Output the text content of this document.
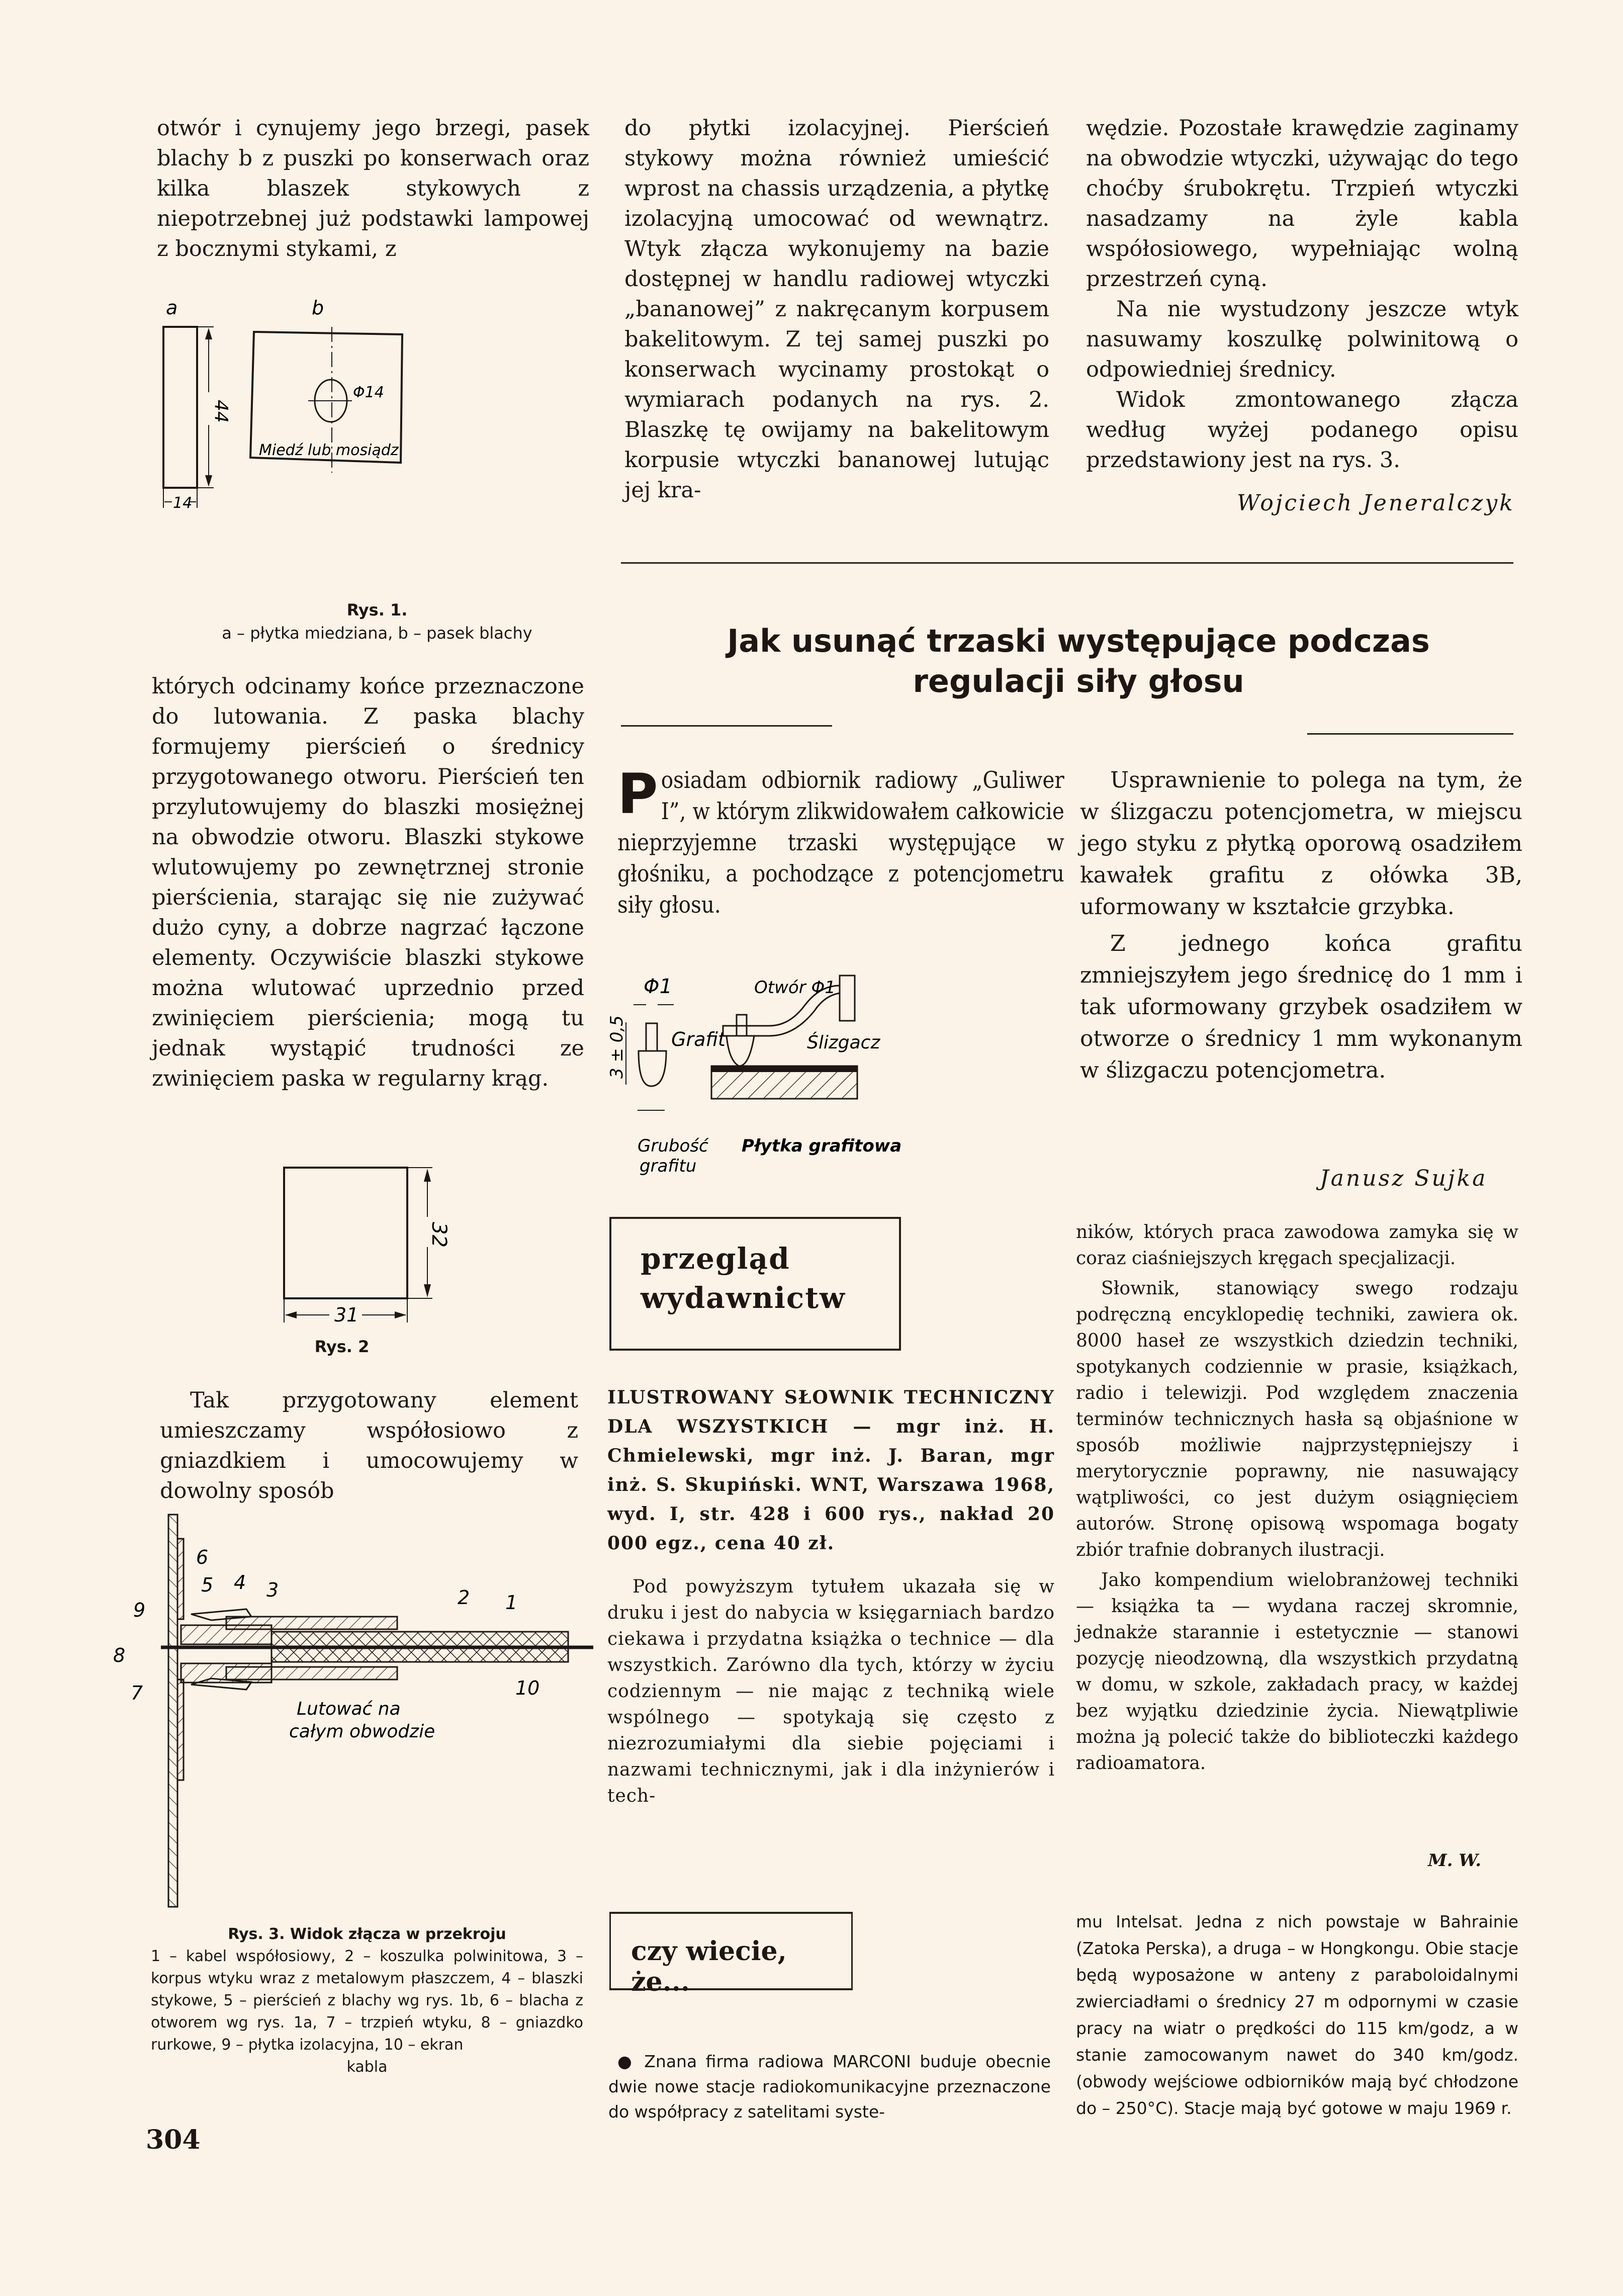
otwór i cynujemy jego brzegi, pasek blachy b z puszki po konserwach oraz kilka blaszek stykowych z niepotrzebnej już podstawki lampowej z bocznymi stykami, z

a	b
44
14
Φ14
Miedź lub mosiądz
Rys. 1.
a – płytka miedziana, b – pasek blachy

których odcinamy końce przeznaczone do lutowania. Z paska blachy formujemy pierścień o średnicy przygotowanego otworu. Pierścień ten przylutowujemy do blaszki mosiężnej na obwodzie otworu. Blaszki stykowe wlutowujemy po zewnętrznej stronie pierścienia, starając się nie zużywać dużo cyny, a dobrze nagrzać łączone elementy. Oczywiście blaszki stykowe można wlutować uprzednio przed zwinięciem pierścienia; mogą tu jednak wystąpić trudności ze zwinięciem paska w regularny krąg.

32
31
Rys. 2

Tak przygotowany element umieszczamy współosiowo z gniazdkiem i umocowujemy w dowolny sposób

5 4 3	2 1
6
8
9
7	10
Lutować na
całym obwodzie
Rys. 3. Widok złącza w przekroju
1 – kabel współosiowy, 2 – koszulka polwinitowa, 3 – korpus wtyku wraz z metalowym płaszczem, 4 – blaszki stykowe, 5 – pierścień z blachy wg rys. 1b, 6 – blacha z otworem wg rys. 1a, 7 – trzpień wtyku, 8 – gniazdko rurkowe, 9 – płytka izolacyjna, 10 – ekran
kabla
304

do płytki izolacyjnej. Pierścień stykowy można również umieścić wprost na chassis urządzenia, a płytkę izolacyjną umocować od wewnątrz. Wtyk złącza wykonujemy na bazie dostępnej w handlu radiowej wtyczki „bananowej” z nakręcanym korpusem bakelitowym. Z tej samej puszki po konserwach wycinamy prostokąt o wymiarach podanych na rys. 2. Blaszkę tę owijamy na bakelitowym korpusie wtyczki bananowej lutując jej kra-

wędzie. Pozostałe krawędzie zaginamy na obwodzie wtyczki, używając do tego choćby śrubokrętu. Trzpień wtyczki nasadzamy na żyle kabla współosiowego, wypełniając wolną przestrzeń cyną.

Na nie wystudzony jeszcze wtyk nasuwamy koszulkę polwinitową o odpowiedniej średnicy.

Widok zmontowanego złącza według wyżej podanego opisu przedstawiony jest na rys. 3.

Wojciech Jeneralczyk
Jak usunąć trzaski występujące podczas
regulacji siły głosu
P osiadam odbiornik radiowy „Guliwer I”, w którym zlikwidowałem całkowicie nieprzyjemne trzaski występujące w głośniku, a pochodzące z potencjometru siły głosu.
Φ1
3 ± 0,5 Grafit
Grubość
grafitu
Otwór Φ1
Ślizgacz
Płytka grafitowa

Usprawnienie to polega na tym, że w ślizgaczu potencjometra, w miejscu jego styku z płytką oporową osadziłem kawałek grafitu z ołówka 3B, uformowany w kształcie grzybka.

Z jednego końca grafitu zmniejszyłem jego średnicę do 1 mm i tak uformowany grzybek osadziłem w otworze o średnicy 1 mm wykonanym w ślizgaczu potencjometra.

Janusz Sujka
przegląd
wydawnictw
ILUSTROWANY SŁOWNIK TECHNICZNY DLA WSZYSTKICH — mgr inż. H. Chmielewski, mgr inż. J. Baran, mgr inż. S. Skupiński. WNT, Warszawa 1968, wyd. I, str. 428 i 600 rys., nakład 20 000 egz., cena 40 zł.

Pod powyższym tytułem ukazała się w druku i jest do nabycia w księgarniach bardzo ciekawa i przydatna książka o technice — dla wszystkich. Zarówno dla tych, którzy w życiu codziennym — nie mając z techniką wiele wspólnego — spotykają się często z niezrozumiałymi dla siebie pojęciami i nazwami technicznymi, jak i dla inżynierów i tech-

ników, których praca zawodowa zamyka się w coraz ciaśniejszych kręgach specjalizacji.

Słownik, stanowiący swego rodzaju podręczną encyklopedię techniki, zawiera ok. 8000 haseł ze wszystkich dziedzin techniki, spotykanych codziennie w prasie, książkach, radio i telewizji. Pod względem znaczenia terminów technicznych hasła są objaśnione w sposób możliwie najprzystępniejszy i merytorycznie poprawny, nie nasuwający wątpliwości, co jest dużym osiągnięciem autorów. Stronę opisową wspomaga bogaty zbiór trafnie dobranych ilustracji.

Jako kompendium wielobranżowej techniki — książka ta — wydana raczej skromnie, jednakże starannie i estetycznie — stanowi pozycję nieodzowną, dla wszystkich przydatną w domu, w szkole, zakładach pracy, w każdej bez wyjątku dziedzinie życia. Niewątpliwie można ją polecić także do biblioteczki każdego radioamatora.

M. W.
czy wiecie, że...

● Znana firma radiowa MARCONI buduje obecnie dwie nowe stacje radiokomunikacyjne przeznaczone do współpracy z satelitami syste-

mu Intelsat. Jedna z nich powstaje w Bahrainie (Zatoka Perska), a druga – w Hongkongu. Obie stacje będą wyposażone w anteny z paraboloidalnymi zwierciadłami o średnicy 27 m odpornymi w czasie pracy na wiatr o prędkości do 115 km/godz, a w stanie zamocowanym nawet do 340 km/godz. (obwody wejściowe odbiorników mają być chłodzone do – 250°C). Stacje mają być gotowe w maju 1969 r.
